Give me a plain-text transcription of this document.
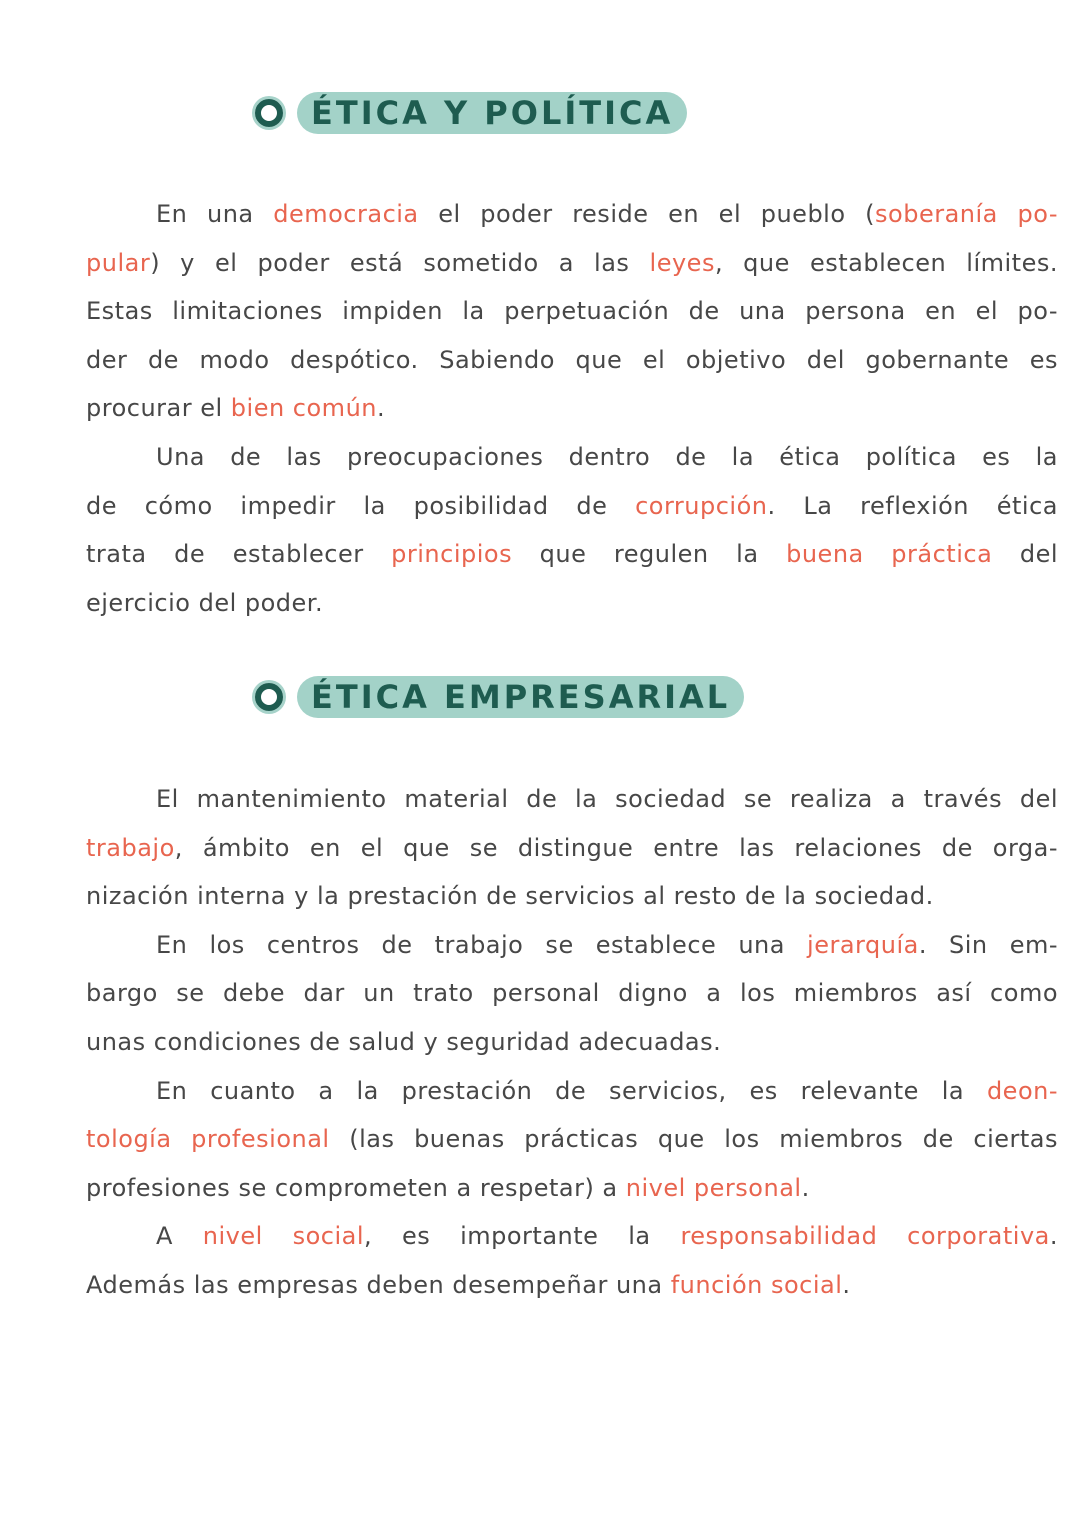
ÉTICA Y POLÍTICA
En una democracia el poder reside en el pueblo (soberanía po-
pular) y el poder está sometido a las leyes, que establecen límites.
Estas limitaciones impiden la perpetuación de una persona en el po-
der de modo despótico. Sabiendo que el objetivo del gobernante es
procurar el bien común.
Una de las preocupaciones dentro de la ética política es la
de cómo impedir la posibilidad de corrupción. La reflexión ética
trata de establecer principios que regulen la buena práctica del
ejercicio del poder.
ÉTICA EMPRESARIAL
El mantenimiento material de la sociedad se realiza a través del
trabajo, ámbito en el que se distingue entre las relaciones de orga-
nización interna y la prestación de servicios al resto de la sociedad.
En los centros de trabajo se establece una jerarquía. Sin em-
bargo se debe dar un trato personal digno a los miembros así como
unas condiciones de salud y seguridad adecuadas.
En cuanto a la prestación de servicios, es relevante la deon-
tología profesional (las buenas prácticas que los miembros de ciertas
profesiones se comprometen a respetar) a nivel personal.
A nivel social, es importante la responsabilidad corporativa.
Además las empresas deben desempeñar una función social.
